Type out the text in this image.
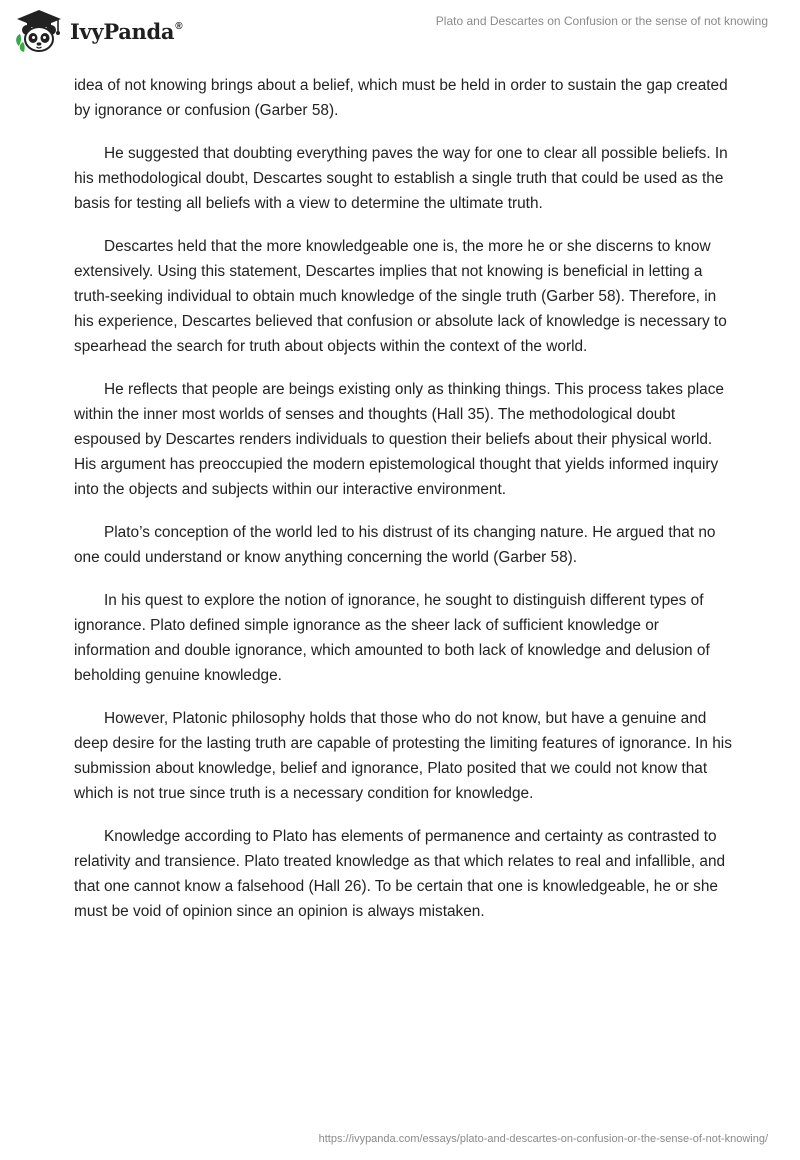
IvyPanda®	Plato and Descartes on Confusion or the sense of not knowing

idea of not knowing brings about a belief, which must be held in order to sustain the gap created by ignorance or confusion (Garber 58).

He suggested that doubting everything paves the way for one to clear all possible beliefs. In his methodological doubt, Descartes sought to establish a single truth that could be used as the basis for testing all beliefs with a view to determine the ultimate truth.

Descartes held that the more knowledgeable one is, the more he or she discerns to know extensively. Using this statement, Descartes implies that not knowing is beneficial in letting a truth-seeking individual to obtain much knowledge of the single truth (Garber 58). Therefore, in his experience, Descartes believed that confusion or absolute lack of knowledge is necessary to spearhead the search for truth about objects within the context of the world.

He reflects that people are beings existing only as thinking things. This process takes place within the inner most worlds of senses and thoughts (Hall 35). The methodological doubt espoused by Descartes renders individuals to question their beliefs about their physical world. His argument has preoccupied the modern epistemological thought that yields informed inquiry into the objects and subjects within our interactive environment.

Plato’s conception of the world led to his distrust of its changing nature. He argued that no one could understand or know anything concerning the world (Garber 58).

In his quest to explore the notion of ignorance, he sought to distinguish different types of ignorance. Plato defined simple ignorance as the sheer lack of sufficient knowledge or information and double ignorance, which amounted to both lack of knowledge and delusion of beholding genuine knowledge.

However, Platonic philosophy holds that those who do not know, but have a genuine and deep desire for the lasting truth are capable of protesting the limiting features of ignorance. In his submission about knowledge, belief and ignorance, Plato posited that we could not know that which is not true since truth is a necessary condition for knowledge.

Knowledge according to Plato has elements of permanence and certainty as contrasted to relativity and transience. Plato treated knowledge as that which relates to real and infallible, and that one cannot know a falsehood (Hall 26). To be certain that one is knowledgeable, he or she must be void of opinion since an opinion is always mistaken.

https://ivypanda.com/essays/plato-and-descartes-on-confusion-or-the-sense-of-not-knowing/
